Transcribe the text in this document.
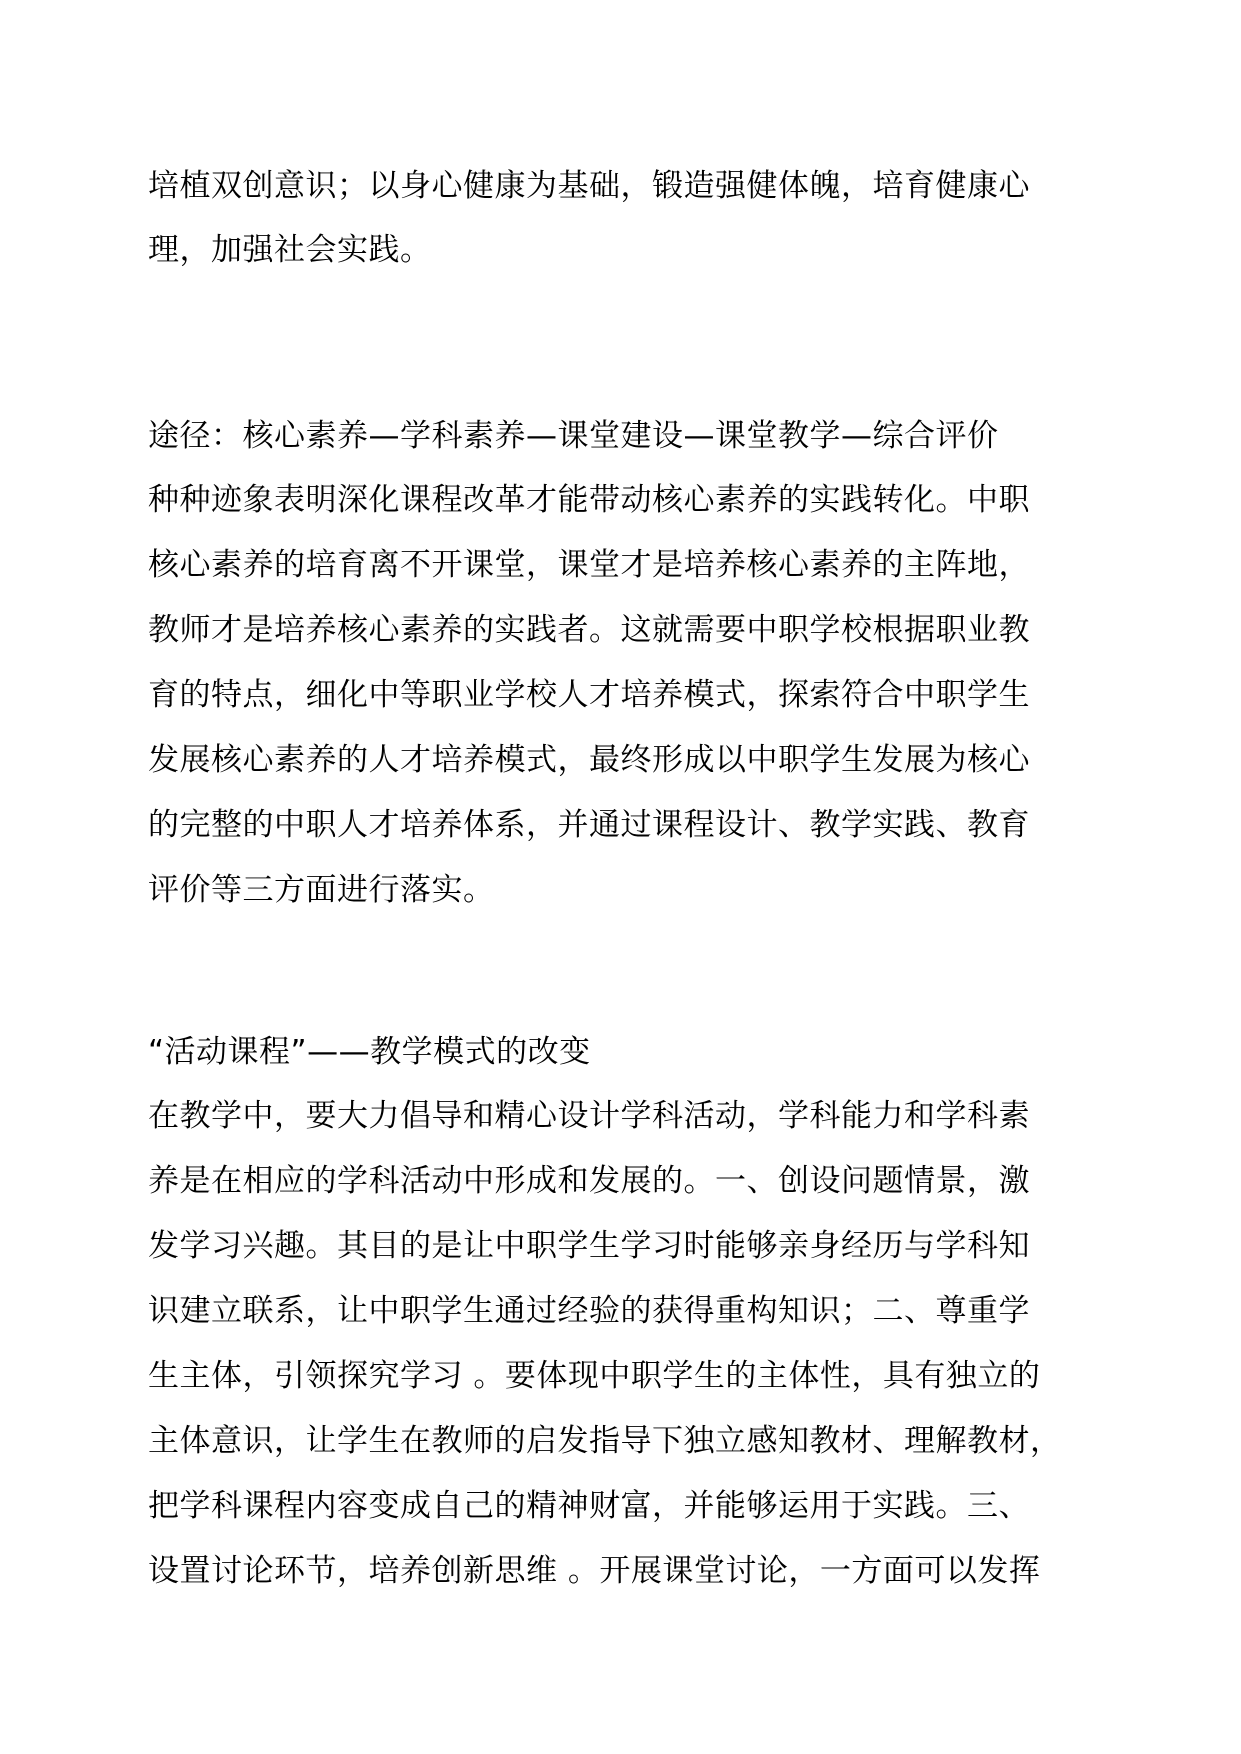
培植双创意识；以身心健康为基础，锻造强健体魄，培育健康心
理，加强社会实践。
途径：核心素养—学科素养—课堂建设—课堂教学—综合评价
种种迹象表明深化课程改革才能带动核心素养的实践转化。中职
核心素养的培育离不开课堂，课堂才是培养核心素养的主阵地，
教师才是培养核心素养的实践者。这就需要中职学校根据职业教
育的特点，细化中等职业学校人才培养模式，探索符合中职学生
发展核心素养的人才培养模式，最终形成以中职学生发展为核心
的完整的中职人才培养体系，并通过课程设计、教学实践、教育
评价等三方面进行落实。
“活动课程”——教学模式的改变
在教学中，要大力倡导和精心设计学科活动，学科能力和学科素
养是在相应的学科活动中形成和发展的。一、创设问题情景，激
发学习兴趣。其目的是让中职学生学习时能够亲身经历与学科知
识建立联系，让中职学生通过经验的获得重构知识；二、尊重学
生主体，引领探究学习 。要体现中职学生的主体性，具有独立的
主体意识，让学生在教师的启发指导下独立感知教材、理解教材，
把学科课程内容变成自己的精神财富，并能够运用于实践。三、
设置讨论环节，培养创新思维 。开展课堂讨论，一方面可以发挥
